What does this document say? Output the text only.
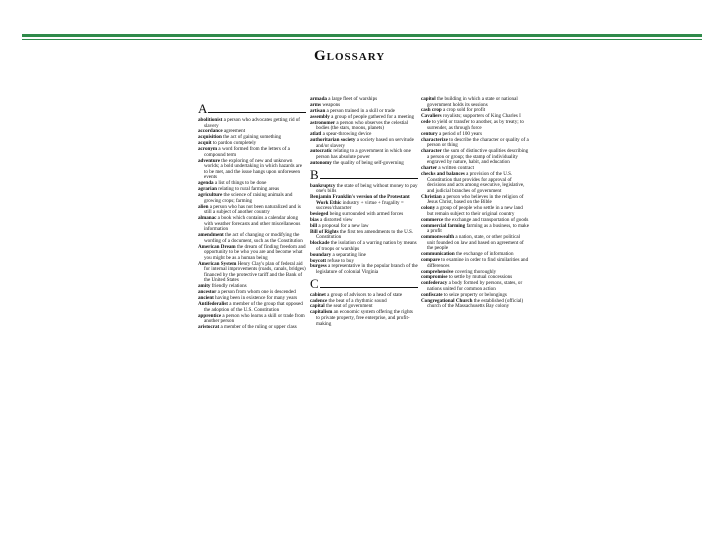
Glossary
A
abolitionist a person who advocates getting rid of slavery
accordance agreement
acquisition the act of gaining something
acquit to pardon completely
acronym a word formed from the letters of a compound term
adventure the exploring of new and unknown worlds; a bold undertaking in which hazards are to be met, and the issue hangs upon unforeseen events
agenda a list of things to be done
agrarian relating to rural farming areas
agriculture the science of raising animals and growing crops; farming
alien a person who has not been naturalized and is still a subject of another country
almanac a book which contains a calendar along with weather forecasts and other miscellaneous information
amendment the act of changing or modifying the wording of a document, such as the Constitution
American Dream the dream of finding freedom and opportunity to be who you are and become what you might be as a human being
American System Henry Clay's plan of federal aid for internal improvements (roads, canals, bridges) financed by the protective tariff and the Bank of the United States
amity friendly relations
ancestor a person from whom one is descended
ancient having been in existence for many years
Antifederalist a member of the group that opposed the adoption of the U.S. Constitution
apprentice a person who learns a skill or trade from another person
aristocrat a member of the ruling or upper class
armada a large fleet of warships
arms weapons
artisan a person trained in a skill or trade
assembly a group of people gathered for a meeting
astronomer a person who observes the celestial bodies (the stars, moons, planets)
atlatl a spear-throwing device
authoritarian society a society based on servitude and/or slavery
autocratic relating to a government in which one person has absolute power
autonomy the quality of being self-governing
B
bankruptcy the state of being without money to pay one's bills
Benjamin Franklin's version of the Protestant Work Ethic industry + virtue + frugality = success/character
besieged being surrounded with armed forces
bias a distorted view
bill a proposal for a new law
Bill of Rights the first ten amendments to the U.S. Constitution
blockade the isolation of a warring nation by means of troops or warships
boundary a separating line
boycott refuse to buy
burgess a representative in the popular branch of the legislature of colonial Virginia
C
cabinet a group of advisors to a head of state
cadence the beat of a rhythmic sound
capital the seat of government
capitalism an economic system offering the rights to private property, free enterprise, and profit-making
capitol the building in which a state or national government holds its sessions
cash crop a crop sold for profit
Cavaliers royalists; supporters of King Charles I
cede to yield or transfer to another, as by treaty; to surrender, as through force
century a period of 100 years
characterize to describe the character or quality of a person or thing
character the sum of distinctive qualities describing a person or group; the stamp of individuality engraved by nature, habit, and education
charter a written contract
checks and balances a provision of the U.S. Constitution that provides for approval of decisions and acts among executive, legislative, and judicial branches of government
Christian a person who believes in the religion of Jesus Christ, based on the Bible
colony a group of people who settle in a new land but remain subject to their original country
commerce the exchange and transportation of goods
commercial farming farming as a business, to make a profit
commonwealth a nation, state, or other political unit founded on law and based on agreement of the people
communication the exchange of information
compare to examine in order to find similarities and differences
comprehensive covering thoroughly
compromise to settle by mutual concessions
confederacy a body formed by persons, states, or nations united for common action
confiscate to seize property or belongings
Congregational Church the established (official) church of the Massachusetts Bay colony
